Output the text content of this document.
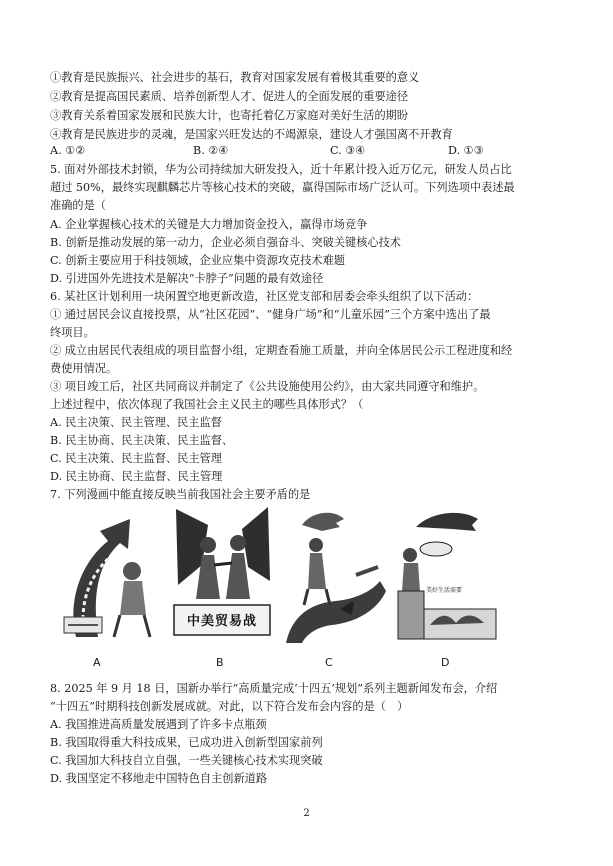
①教育是民族振兴、社会进步的基石，教育对国家发展有着极其重要的意义
②教育是提高国民素质、培养创新型人才、促进人的全面发展的重要途径
③教育关系着国家发展和民族大计，也寄托着亿万家庭对美好生活的期盼
④教育是民族进步的灵魂，是国家兴旺发达的不竭源泉，建设人才强国离不开教育
A. ①②	B. ②④	C. ③④	D. ①③
5. 面对外部技术封锁，华为公司持续加大研发投入，近十年累计投入近万亿元，研发人员占比
超过 50%，最终实现麒麟芯片等核心技术的突破，赢得国际市场广泛认可。下列选项中表述最
准确的是（
A. 企业掌握核心技术的关键是大力增加资金投入，赢得市场竞争
B. 创新是推动发展的第一动力，企业必须自强奋斗、突破关键核心技术
C. 创新主要应用于科技领域，企业应集中资源攻克技术难题
D. 引进国外先进技术是解决“卡脖子”问题的最有效途径
6. 某社区计划利用一块闲置空地更新改造，社区党支部和居委会牵头组织了以下活动：
① 通过居民会议直接投票，从“社区花园”、“健身广场”和“儿童乐园”三个方案中选出了最
终项目。
② 成立由居民代表组成的项目监督小组，定期查看施工质量，并向全体居民公示工程进度和经
费使用情况。
③ 项目竣工后，社区共同商议并制定了《公共设施使用公约》，由大家共同遵守和维护。
上述过程中，依次体现了我国社会主义民主的哪些具体形式？（
A. 民主决策、民主管理、民主监督
B. 民主协商、民主决策、民主监督、
C. 民主决策、民主监督、民主管理
D. 民主协商、民主监督、民主管理
7. 下列漫画中能直接反映当前我国社会主要矛盾的是
中美贸易战
美好生活需要
A	B	C	D
8. 2025 年 9 月 18 日，国新办举行“高质量完成‘十四五’规划”系列主题新闻发布会，介绍
“十四五”时期科技创新发展成就。对此，以下符合发布会内容的是（　）
A. 我国推进高质量发展遇到了许多卡点瓶颈
B. 我国取得重大科技成果，已成功进入创新型国家前列
C. 我国加大科技自立自强，一些关键核心技术实现突破
D. 我国坚定不移地走中国特色自主创新道路
2
